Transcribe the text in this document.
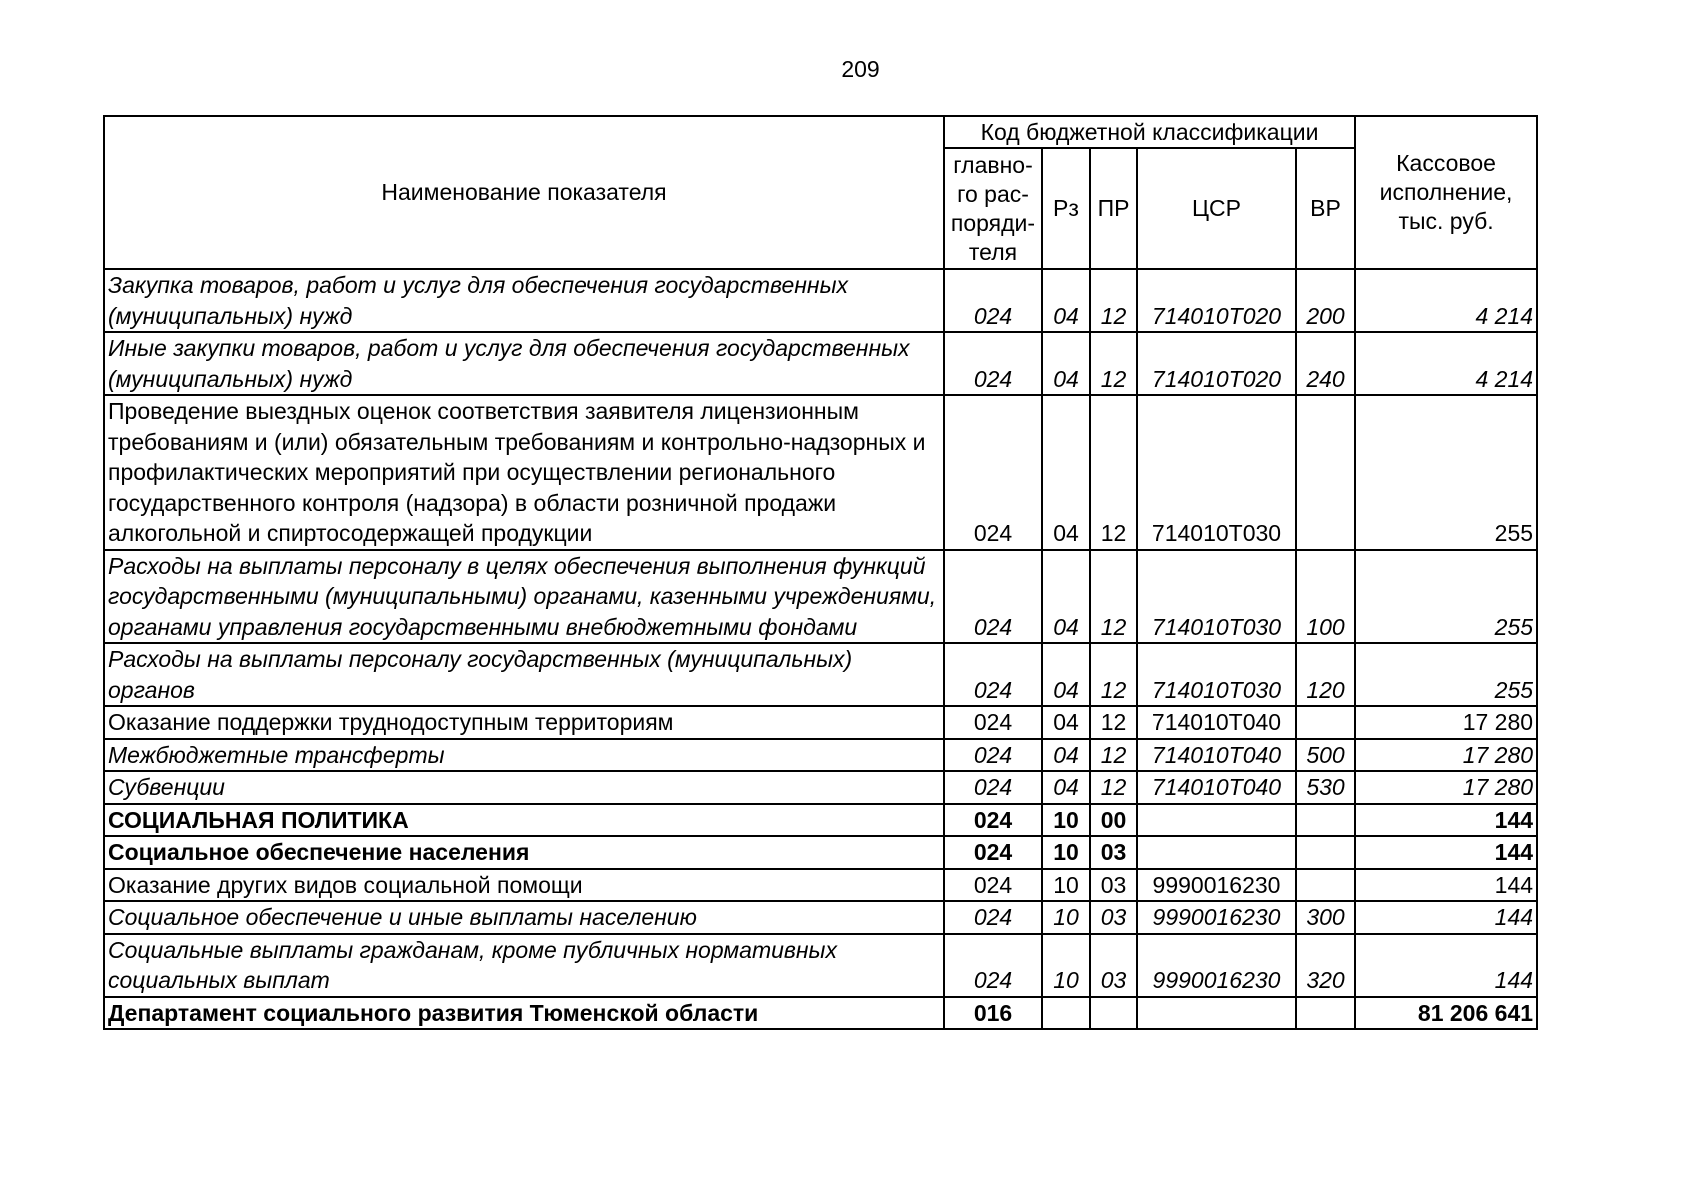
209
Наименование показателя	Код бюджетной классификации					Кассовое исполнение, тыс. руб.
	главно-го рас-поряди-теля	Рз	ПР	ЦСР	ВР	
Закупка товаров, работ и услуг для обеспечения государственных (муниципальных) нужд	024	04	12	714010Т020	200	4 214
Иные закупки товаров, работ и услуг для обеспечения государственных (муниципальных) нужд	024	04	12	714010Т020	240	4 214
Проведение выездных оценок соответствия заявителя лицензионным требованиям и (или) обязательным требованиям и контрольно-надзорных и профилактических мероприятий при осуществлении регионального государственного контроля (надзора) в области розничной продажи алкогольной и спиртосодержащей продукции	024	04	12	714010Т030		255
Расходы на выплаты персоналу в целях обеспечения выполнения функций государственными (муниципальными) органами, казенными учреждениями, органами управления государственными внебюджетными фондами	024	04	12	714010Т030	100	255
Расходы на выплаты персоналу государственных (муниципальных) органов	024	04	12	714010Т030	120	255
Оказание поддержки труднодоступным территориям	024	04	12	714010Т040		17 280
Межбюджетные трансферты	024	04	12	714010Т040	500	17 280
Субвенции	024	04	12	714010Т040	530	17 280
СОЦИАЛЬНАЯ ПОЛИТИКА	024	10	00			144
Социальное обеспечение населения	024	10	03			144
Оказание других видов социальной помощи	024	10	03	9990016230		144
Социальное обеспечение и иные выплаты населению	024	10	03	9990016230	300	144
Социальные выплаты гражданам, кроме публичных нормативных социальных выплат	024	10	03	9990016230	320	144
Департамент социального развития Тюменской области	016					81 206 641
